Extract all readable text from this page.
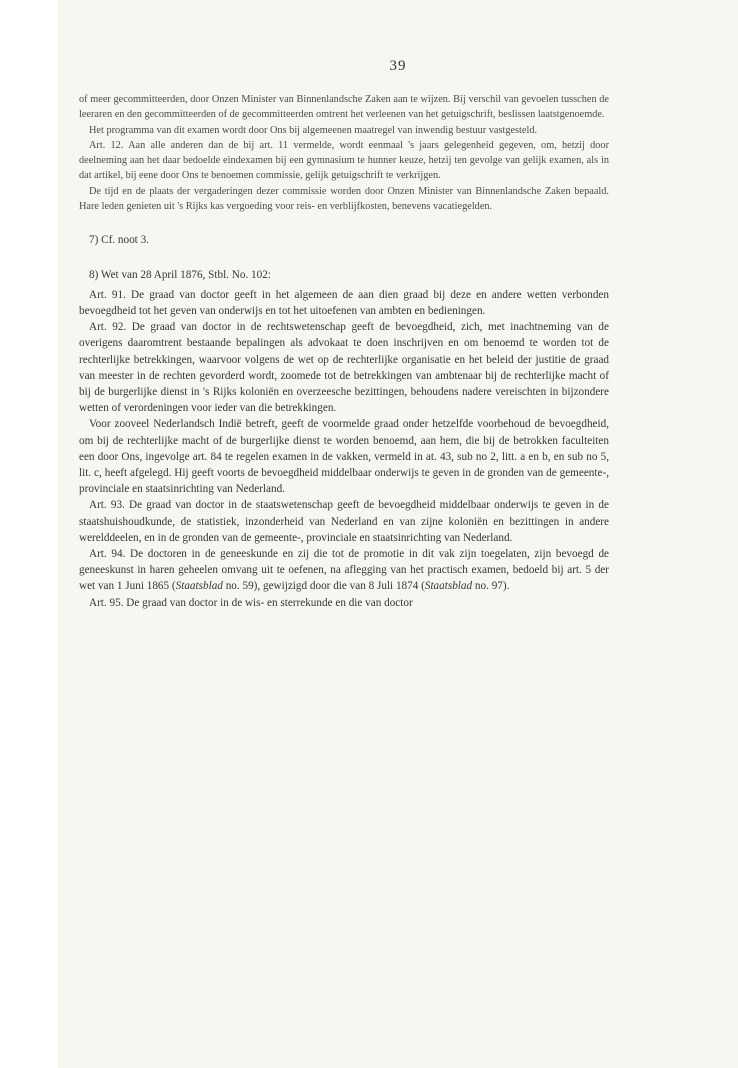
39

of meer gecommitteerden, door Onzen Minister van Binnenlandsche Zaken aan te wijzen. Bij verschil van gevoelen tusschen de leeraren en den gecommitteerden of de gecommitteerden omtrent het verleenen van het getuigschrift, beslissen laatstgenoemde.

Het programma van dit examen wordt door Ons bij algemeenen maatregel van inwendig bestuur vastgesteld.

Art. 12. Aan alle anderen dan de bij art. 11 vermelde, wordt eenmaal 's jaars gelegenheid gegeven, om, hetzij door deelneming aan het daar bedoelde eindexamen bij een gymnasium te hunner keuze, hetzij ten gevolge van gelijk examen, als in dat artikel, bij eene door Ons te benoemen commissie, gelijk getuigschrift te verkrijgen.

De tijd en de plaats der vergaderingen dezer commissie worden door Onzen Minister van Binnenlandsche Zaken bepaald. Hare leden genieten uit 's Rijks kas vergoeding voor reis- en verblijfkosten, benevens vacatiegelden.

7) Cf. noot 3.

8) Wet van 28 April 1876, Stbl. No. 102:

Art. 91. De graad van doctor geeft in het algemeen de aan dien graad bij deze en andere wetten verbonden bevoegdheid tot het geven van onderwijs en tot het uitoefenen van ambten en bedieningen.

Art. 92. De graad van doctor in de rechtswetenschap geeft de bevoegdheid, zich, met inachtneming van de overigens daaromtrent bestaande bepalingen als advokaat te doen inschrijven en om benoemd te worden tot de rechterlijke betrekkingen, waarvoor volgens de wet op de rechterlijke organisatie en het beleid der justitie de graad van meester in de rechten gevorderd wordt, zoomede tot de betrekkingen van ambtenaar bij de rechterlijke macht of bij de burgerlijke dienst in 's Rijks koloniën en overzeesche bezittingen, behoudens nadere vereischten in bijzondere wetten of verordeningen voor ieder van die betrekkingen.

Voor zooveel Nederlandsch Indië betreft, geeft de voormelde graad onder hetzelfde voorbehoud de bevoegdheid, om bij de rechterlijke macht of de burgerlijke dienst te worden benoemd, aan hem, die bij de betrokken faculteiten een door Ons, ingevolge art. 84 te regelen examen in de vakken, vermeld in at. 43, sub no 2, litt. a en b, en sub no 5, lit. c, heeft afgelegd. Hij geeft voorts de bevoegdheid middelbaar onderwijs te geven in de gronden van de gemeente-, provinciale en staatsinrichting van Nederland.

Art. 93. De graad van doctor in de staatswetenschap geeft de bevoegdheid middelbaar onderwijs te geven in de staatshuishoudkunde, de statistiek, inzonderheid van Nederland en van zijne koloniën en bezittingen in andere werelddeelen, en in de gronden van de gemeente-, provinciale en staatsinrichting van Nederland.

Art. 94. De doctoren in de geneeskunde en zij die tot de promotie in dit vak zijn toegelaten, zijn bevoegd de geneeskunst in haren geheelen omvang uit te oefenen, na aflegging van het practisch examen, bedoeld bij art. 5 der wet van 1 Juni 1865 (Staatsblad no. 59), gewijzigd door die van 8 Juli 1874 (Staatsblad no. 97).

Art. 95. De graad van doctor in de wis- en sterrekunde en die van doctor
